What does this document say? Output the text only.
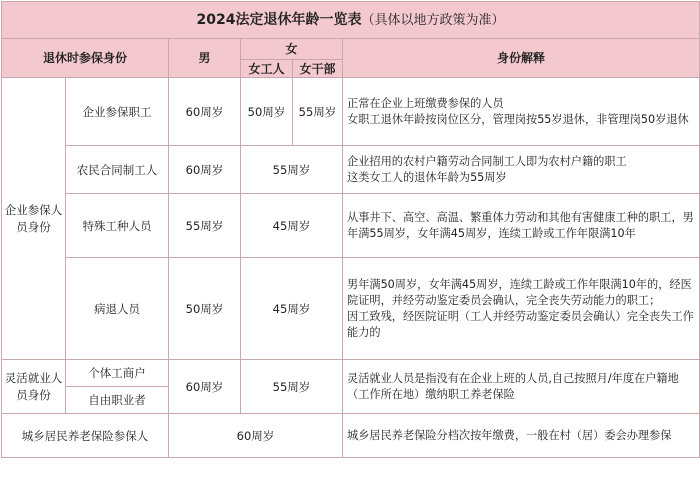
2024法定退休年龄一览表（具体以地方政策为准）					
退休时参保身份		男	女		身份解释
			女工人	女干部	
企业参保人员身份	企业参保职工	60周岁	50周岁	55周岁	正常在企业上班缴费参保的人员
女职工退休年龄按岗位区分，管理岗按55岁退休，非管理岗50岁退休
	农民合同制工人	60周岁	55周岁		企业招用的农村户籍劳动合同制工人即为农村户籍的职工
这类女工人的退休年龄为55周岁
	特殊工种人员	55周岁	45周岁		从事井下、高空、高温、繁重体力劳动和其他有害健康工种的职工，男年满55周岁，女年满45周岁，连续工龄或工作年限满10年
	病退人员	50周岁	45周岁		男年满50周岁，女年满45周岁，连续工龄或工作年限满10年的，经医院证明，并经劳动鉴定委员会确认，完全丧失劳动能力的职工；
因工致残，经医院证明（工人并经劳动鉴定委员会确认）完全丧失工作能力的
灵活就业人员身份	个体工商户	60周岁	55周岁		灵活就业人员是指没有在企业上班的人员,自己按照月/年度在户籍地（工作所在地）缴纳职工养老保险
	自由职业者				
城乡居民养老保险参保人		60周岁			城乡居民养老保险分档次按年缴费，一般在村（居）委会办理参保
